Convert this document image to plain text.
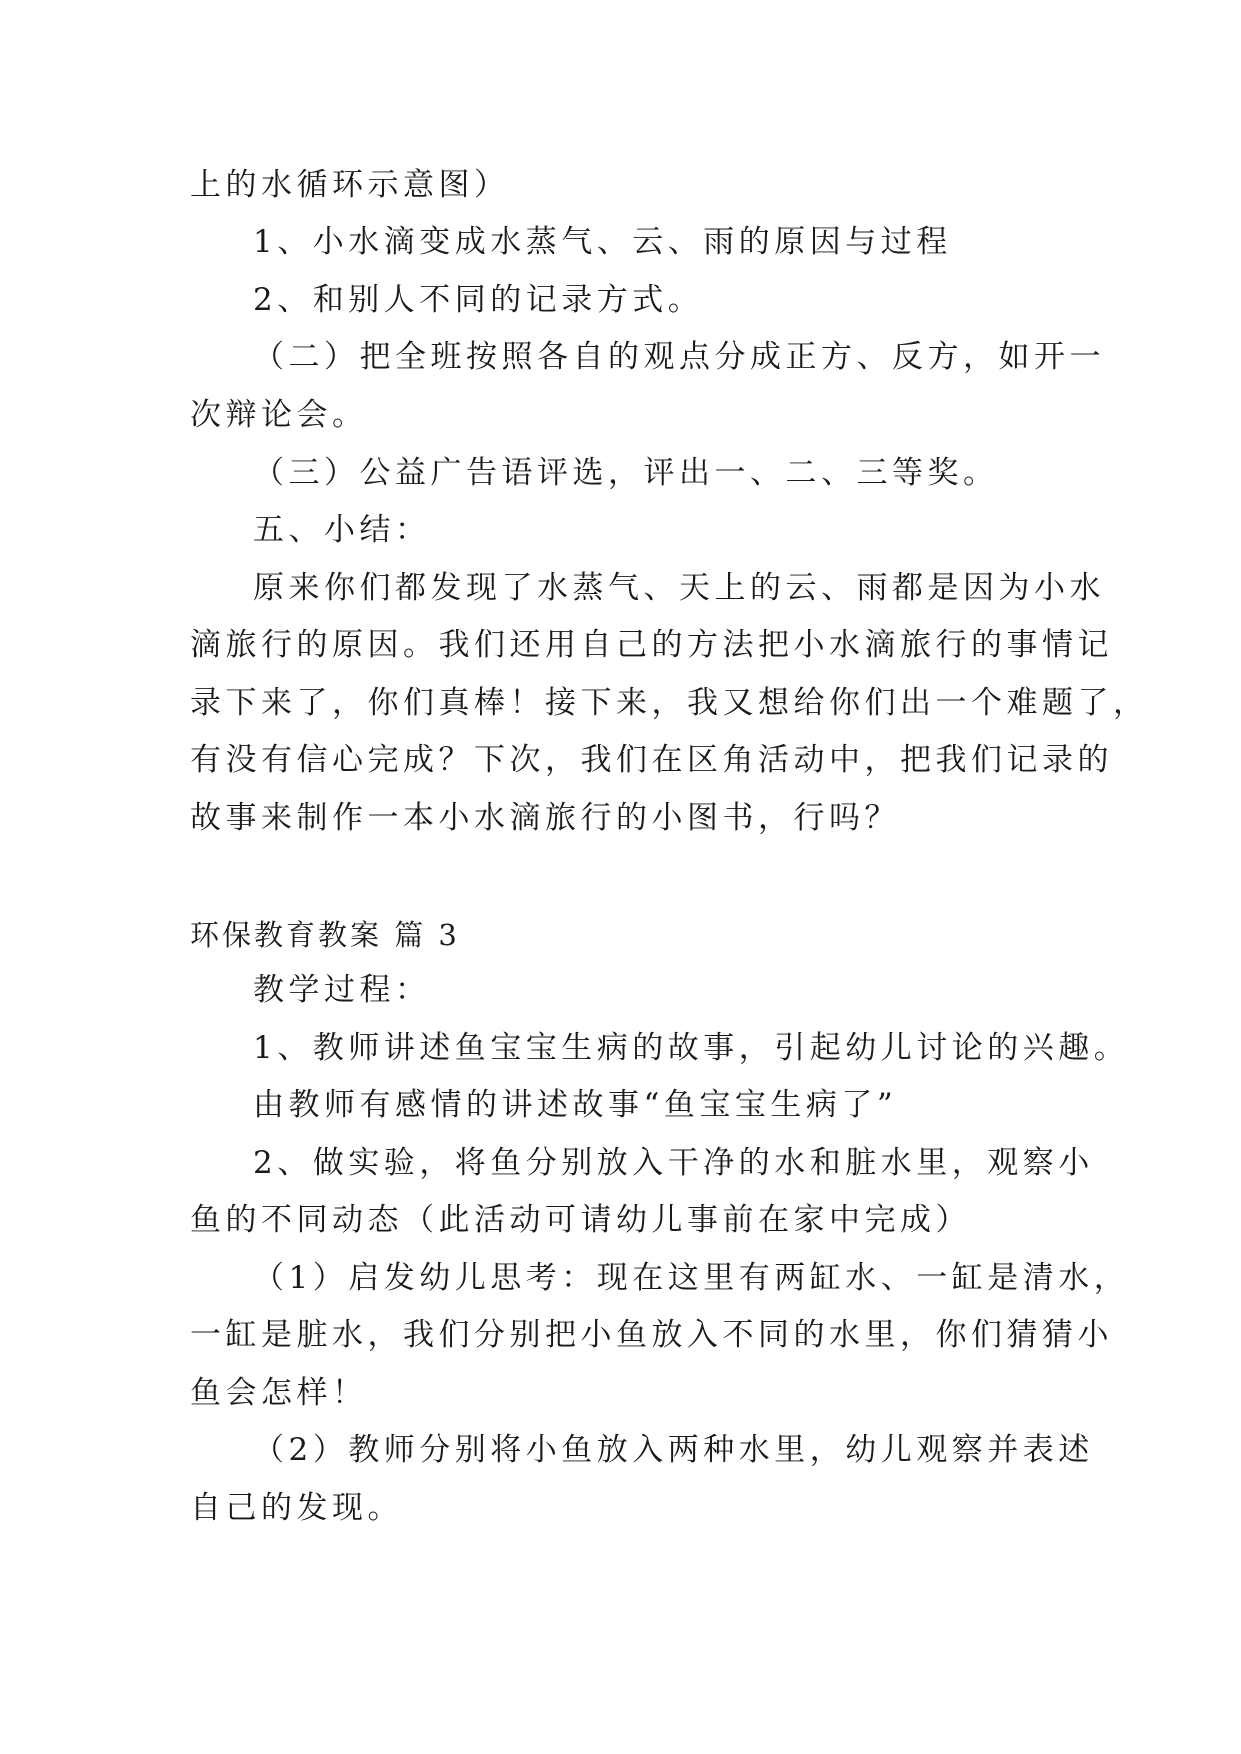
上的水循环示意图）
1、小水滴变成水蒸气、云、雨的原因与过程
2、和别人不同的记录方式。
（二）把全班按照各自的观点分成正方、反方，如开一
次辩论会。
（三）公益广告语评选，评出一、二、三等奖。
五、小结：
原来你们都发现了水蒸气、天上的云、雨都是因为小水
滴旅行的原因。我们还用自己的方法把小水滴旅行的事情记
录下来了，你们真棒！接下来，我又想给你们出一个难题了，
有没有信心完成？下次，我们在区角活动中，把我们记录的
故事来制作一本小水滴旅行的小图书，行吗？
环保教育教案 篇 3
教学过程：
1、教师讲述鱼宝宝生病的故事，引起幼儿讨论的兴趣。
由教师有感情的讲述故事“鱼宝宝生病了”
2、做实验，将鱼分别放入干净的水和脏水里，观察小
鱼的不同动态（此活动可请幼儿事前在家中完成）
（1）启发幼儿思考：现在这里有两缸水、一缸是清水，
一缸是脏水，我们分别把小鱼放入不同的水里，你们猜猜小
鱼会怎样！
（2）教师分别将小鱼放入两种水里，幼儿观察并表述
自己的发现。
